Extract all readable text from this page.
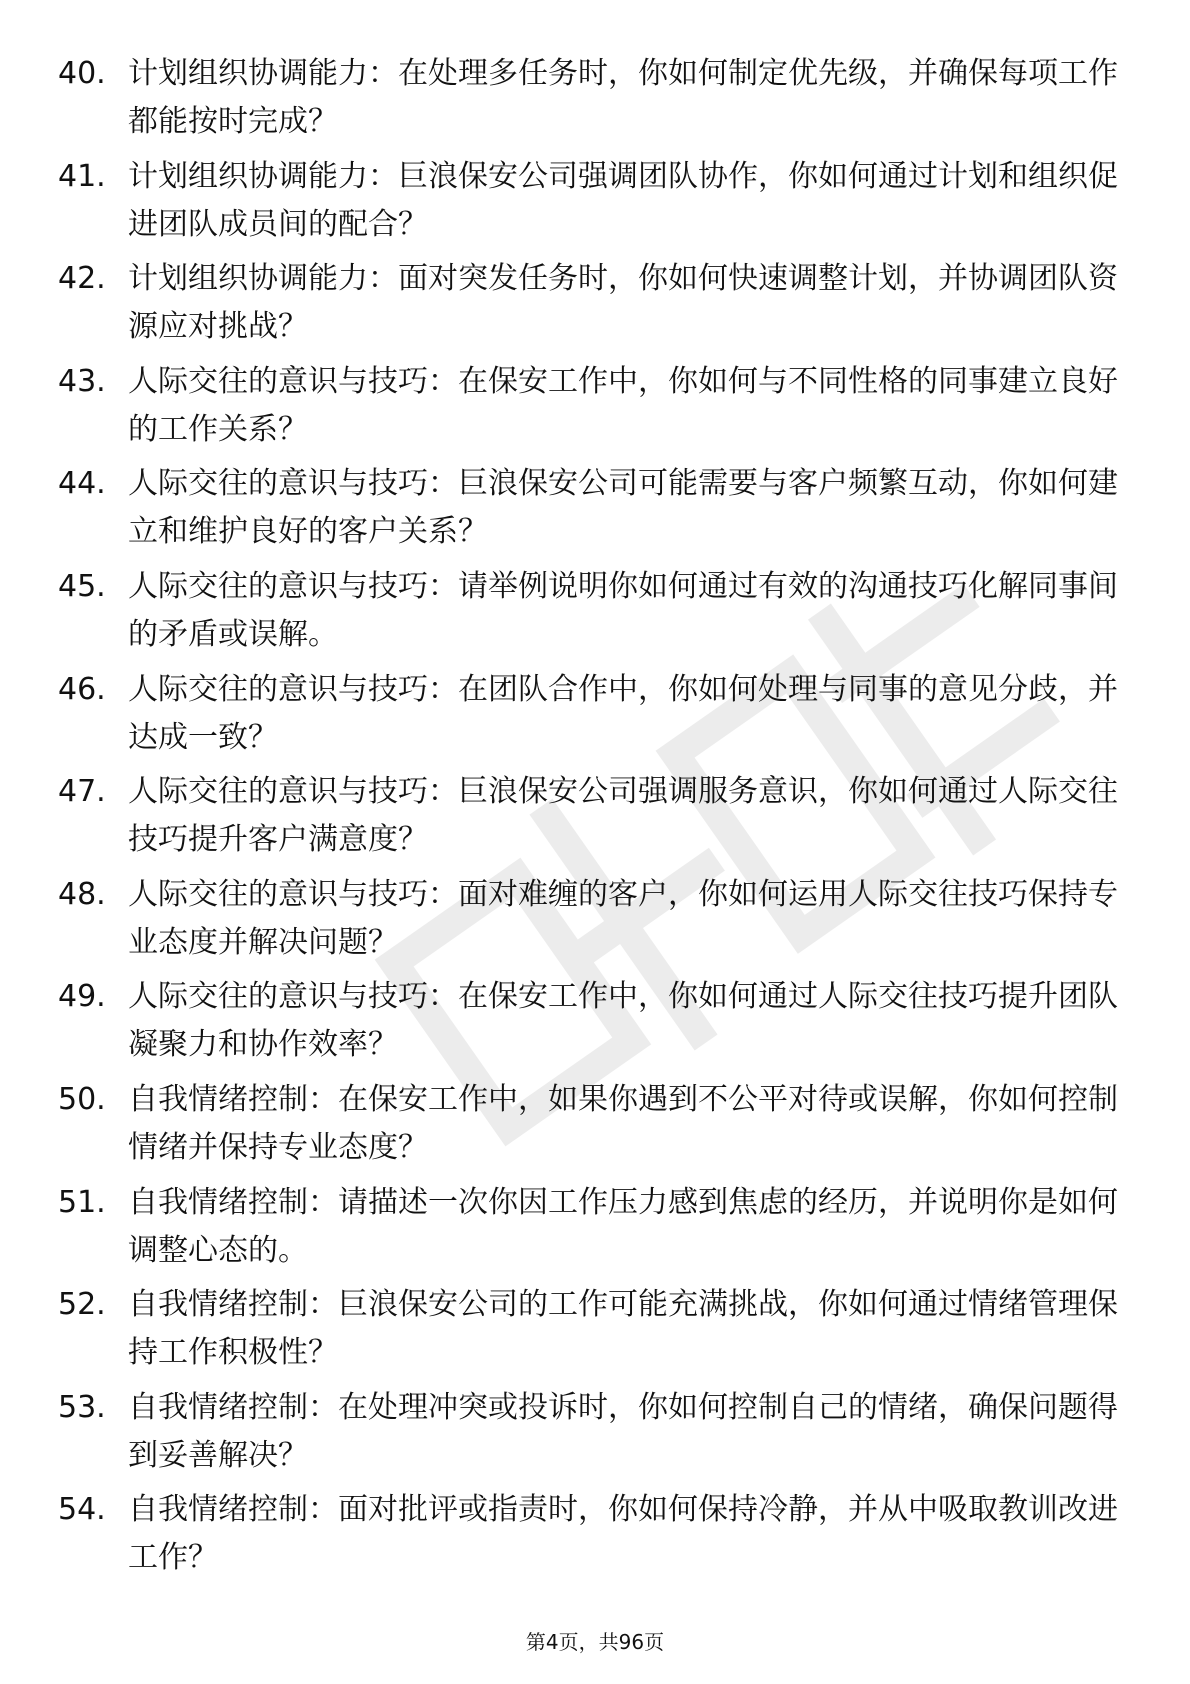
40. 计划组织协调能力：在处理多任务时，你如何制定优先级，并确保每项工作都能按时完成？
41. 计划组织协调能力：巨浪保安公司强调团队协作，你如何通过计划和组织促进团队成员间的配合？
42. 计划组织协调能力：面对突发任务时，你如何快速调整计划，并协调团队资源应对挑战？
43. 人际交往的意识与技巧：在保安工作中，你如何与不同性格的同事建立良好的工作关系？
44. 人际交往的意识与技巧：巨浪保安公司可能需要与客户频繁互动，你如何建立和维护良好的客户关系？
45. 人际交往的意识与技巧：请举例说明你如何通过有效的沟通技巧化解同事间的矛盾或误解。
46. 人际交往的意识与技巧：在团队合作中，你如何处理与同事的意见分歧，并达成一致？
47. 人际交往的意识与技巧：巨浪保安公司强调服务意识，你如何通过人际交往技巧提升客户满意度？
48. 人际交往的意识与技巧：面对难缠的客户，你如何运用人际交往技巧保持专业态度并解决问题？
49. 人际交往的意识与技巧：在保安工作中，你如何通过人际交往技巧提升团队凝聚力和协作效率？
50. 自我情绪控制：在保安工作中，如果你遇到不公平对待或误解，你如何控制情绪并保持专业态度？
51. 自我情绪控制：请描述一次你因工作压力感到焦虑的经历，并说明你是如何调整心态的。
52. 自我情绪控制：巨浪保安公司的工作可能充满挑战，你如何通过情绪管理保持工作积极性？
53. 自我情绪控制：在处理冲突或投诉时，你如何控制自己的情绪，确保问题得到妥善解决？
54. 自我情绪控制：面对批评或指责时，你如何保持冷静，并从中吸取教训改进工作？
第4页，共96页
